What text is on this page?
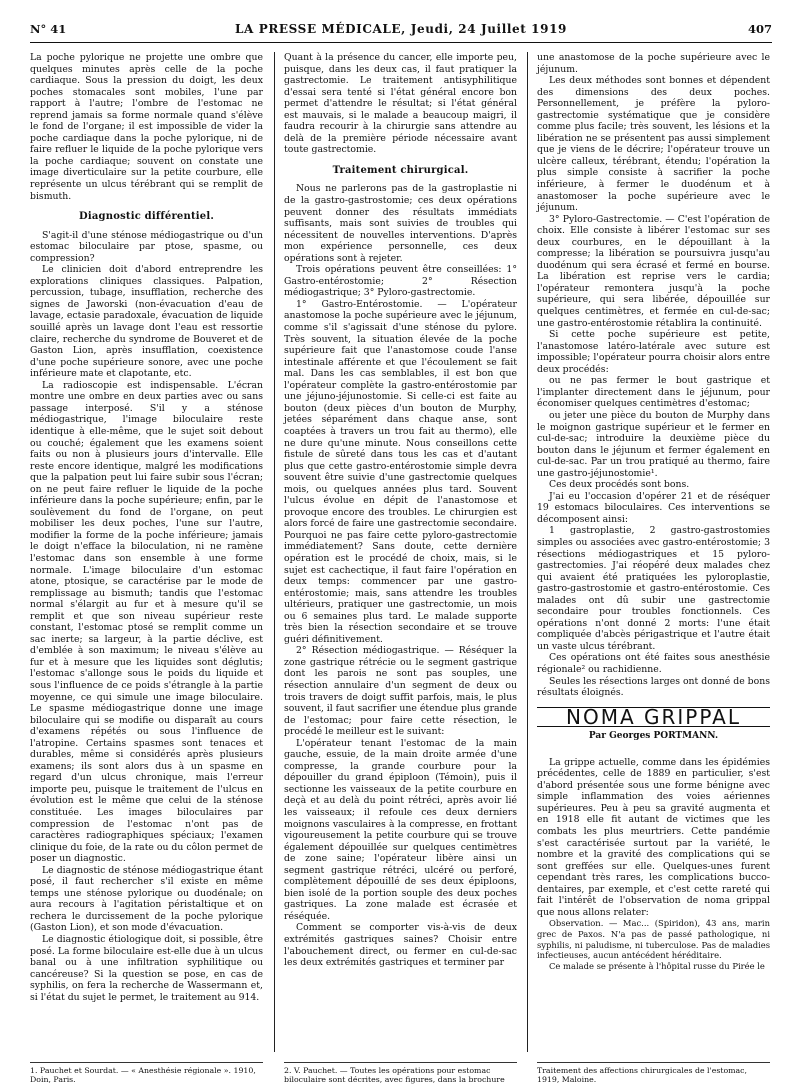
N° 41	LA PRESSE MÉDICALE, Jeudi, 24 Juillet 1919	407

La poche pylorique ne projette une ombre que quelques minutes après celle de la poche cardiaque. Sous la pression du doigt, les deux poches stomacales sont mobiles, l'une par rapport à l'autre; l'ombre de l'estomac ne reprend jamais sa forme normale quand s'élève le fond de l'organe; il est impossible de vider la poche cardiaque dans la poche pylorique, ni de faire refluer le liquide de la poche pylorique vers la poche cardiaque; souvent on constate une image diverticulaire sur la petite courbure, elle représente un ulcus térébrant qui se remplit de bismuth.

Diagnostic différentiel.

S'agit-il d'une sténose médiogastrique ou d'un estomac biloculaire par ptose, spasme, ou compression?

Le clinicien doit d'abord entreprendre les explorations cliniques classiques. Palpation, percussion, tubage, insufflation, recherche des signes de Jaworski (non-évacuation d'eau de lavage, ectasie paradoxale, évacuation de liquide souillé après un lavage dont l'eau est ressortie claire, recherche du syndrome de Bouveret et de Gaston Lion, après insufflation, coexistence d'une poche supérieure sonore, avec une poche inférieure mate et clapotante, etc.

La radioscopie est indispensable. L'écran montre une ombre en deux parties avec ou sans passage interposé. S'il y a sténose médiogastrique, l'image biloculaire reste identique à elle-même, que le sujet soit debout ou couché; également que les examens soient faits ou non à plusieurs jours d'intervalle. Elle reste encore identique, malgré les modifications que la palpation peut lui faire subir sous l'écran; on ne peut faire refluer le liquide de la poche inférieure dans la poche supérieure; enfin, par le soulèvement du fond de l'organe, on peut mobiliser les deux poches, l'une sur l'autre, modifier la forme de la poche inférieure; jamais le doigt n'efface la biloculation, ni ne ramène l'estomac dans son ensemble à une forme normale. L'image biloculaire d'un estomac atone, ptosique, se caractérise par le mode de remplissage au bismuth; tandis que l'estomac normal s'élargit au fur et à mesure qu'il se remplit et que son niveau supérieur reste constant, l'estomac ptosé se remplit comme un sac inerte; sa largeur, à la partie déclive, est d'emblée à son maximum; le niveau s'élève au fur et à mesure que les liquides sont déglutis; l'estomac s'allonge sous le poids du liquide et sous l'influence de ce poids s'étrangle à la partie moyenne, ce qui simule une image biloculaire. Le spasme médiogastrique donne une image biloculaire qui se modifie ou disparaît au cours d'examens répétés ou sous l'influence de l'atropine. Certains spasmes sont tenaces et durables, même si considérés après plusieurs examens; ils sont alors dus à un spasme en regard d'un ulcus chronique, mais l'erreur importe peu, puisque le traitement de l'ulcus en évolution est le même que celui de la sténose constituée. Les images biloculaires par compression de l'estomac n'ont pas de caractères radiographiques spéciaux; l'examen clinique du foie, de la rate ou du côlon permet de poser un diagnostic.

Le diagnostic de sténose médiogastrique étant posé, il faut rechercher s'il existe en même temps une sténose pylorique ou duodénale; on aura recours à l'agitation péristaltique et on rechera le durcissement de la poche pylorique (Gaston Lion), et son mode d'évacuation.

Le diagnostic étiologique doit, si possible, être posé. La forme biloculaire est-elle due à un ulcus banal ou à une infiltration syphilitique ou cancéreuse? Si la question se pose, en cas de syphilis, on fera la recherche de Wassermann et, si l'état du sujet le permet, le traitement au 914.

Quant à la présence du cancer, elle importe peu, puisque, dans les deux cas, il faut pratiquer la gastrectomie. Le traitement antisyphilitique d'essai sera tenté si l'état général encore bon permet d'attendre le résultat; si l'état général est mauvais, si le malade a beaucoup maigri, il faudra recourir à la chirurgie sans attendre au delà de la première période nécessaire avant toute gastrectomie.

Traitement chirurgical.

Nous ne parlerons pas de la gastroplastie ni de la gastro-gastrostomie; ces deux opérations peuvent donner des résultats immédiats suffisants, mais sont suivies de troubles qui nécessitent de nouvelles interventions. D'après mon expérience personnelle, ces deux opérations sont à rejeter.

Trois opérations peuvent être conseillées: 1° Gastro-entérostomie; 2° Résection médiogastrique; 3° Pyloro-gastrectomie.

1° Gastro-Entérostomie. — L'opérateur anastomose la poche supérieure avec le jéjunum, comme s'il s'agissait d'une sténose du pylore. Très souvent, la situation élevée de la poche supérieure fait que l'anastomose coude l'anse intestinale afférente et que l'écoulement se fait mal. Dans les cas semblables, il est bon que l'opérateur complète la gastro-entérostomie par une jéjuno-jéjunostomie. Si celle-ci est faite au bouton (deux pièces d'un bouton de Murphy, jetées séparément dans chaque anse, sont coaptées à travers un trou fait au thermo), elle ne dure qu'une minute. Nous conseillons cette fistule de sûreté dans tous les cas et d'autant plus que cette gastro-entérostomie simple devra souvent être suivie d'une gastrectomie quelques mois, ou quelques années plus tard. Souvent l'ulcus évolue en dépit de l'anastomose et provoque encore des troubles. Le chirurgien est alors forcé de faire une gastrectomie secondaire. Pourquoi ne pas faire cette pyloro-gastrectomie immédiatement? Sans doute, cette dernière opération est le procédé de choix, mais, si le sujet est cachectique, il faut faire l'opération en deux temps: commencer par une gastro-entérostomie; mais, sans attendre les troubles ultérieurs, pratiquer une gastrectomie, un mois ou 6 semaines plus tard. Le malade supporte très bien la résection secondaire et se trouve guéri définitivement.

2° Résection médiogastrique. — Réséquer la zone gastrique rétrécie ou le segment gastrique dont les parois ne sont pas souples, une résection annulaire d'un segment de deux ou trois travers de doigt suffit parfois, mais, le plus souvent, il faut sacrifier une étendue plus grande de l'estomac; pour faire cette résection, le procédé le meilleur est le suivant:

L'opérateur tenant l'estomac de la main gauche, essuie, de la main droite armée d'une compresse, la grande courbure pour la dépouiller du grand épiploon (Témoin), puis il sectionne les vaisseaux de la petite courbure en deçà et au delà du point rétréci, après avoir lié les vaisseaux; il refoule ces deux derniers moignons vasculaires à la compresse, en frottant vigoureusement la petite courbure qui se trouve également dépouillée sur quelques centimètres de zone saine; l'opérateur libère ainsi un segment gastrique rétréci, ulcéré ou perforé, complètement dépouillé de ses deux épiploons, bien isolé de la portion souple des deux poches gastriques. La zone malade est écrasée et réséquée.

Comment se comporter vis-à-vis de deux extrémités gastriques saines? Choisir entre l'abouchement direct, ou fermer en cul-de-sac les deux extrémités gastriques et terminer par

une anastomose de la poche supérieure avec le jéjunum.

Les deux méthodes sont bonnes et dépendent des dimensions des deux poches. Personnellement, je préfère la pyloro-gastrectomie systématique que je considère comme plus facile; très souvent, les lésions et la libération ne se présentent pas aussi simplement que je viens de le décrire; l'opérateur trouve un ulcère calleux, térébrant, étendu; l'opération la plus simple consiste à sacrifier la poche inférieure, à fermer le duodénum et à anastomoser la poche supérieure avec le jéjunum.

3° Pyloro-Gastrectomie. — C'est l'opération de choix. Elle consiste à libérer l'estomac sur ses deux courbures, en le dépouillant à la compresse; la libération se poursuivra jusqu'au duodénum qui sera écrasé et fermé en bourse. La libération est reprise vers le cardia; l'opérateur remontera jusqu'à la poche supérieure, qui sera libérée, dépouillée sur quelques centimètres, et fermée en cul-de-sac; une gastro-entérostomie rétablira la continuité.

Si cette poche supérieure est petite, l'anastomose latéro-latérale avec suture est impossible; l'opérateur pourra choisir alors entre deux procédés:

ou ne pas fermer le bout gastrique et l'implanter directement dans le jéjunum, pour économiser quelques centimètres d'estomac;

ou jeter une pièce du bouton de Murphy dans le moignon gastrique supérieur et le fermer en cul-de-sac; introduire la deuxième pièce du bouton dans le jéjunum et fermer également en cul-de-sac. Par un trou pratiqué au thermo, faire une gastro-jéjunostomie¹.

Ces deux procédés sont bons.

J'ai eu l'occasion d'opérer 21 et de réséquer 19 estomacs biloculaires. Ces interventions se décomposent ainsi:

1 gastroplastie, 2 gastro-gastrostomies simples ou associées avec gastro-entérostomie; 3 résections médiogastriques et 15 pyloro-gastrectomies. J'ai réopéré deux malades chez qui avaient été pratiquées les pyloroplastie, gastro-gastrostomie et gastro-entérostomie. Ces malades ont dû subir une gastrectomie secondaire pour troubles fonctionnels. Ces opérations n'ont donné 2 morts: l'une était compliquée d'abcès périgastrique et l'autre était un vaste ulcus térébrant.

Ces opérations ont été faites sous anesthésie régionale² ou rachidienne.

Seules les résections larges ont donné de bons résultats éloignés.

NOMA GRIPPAL
Par Georges PORTMANN.

La grippe actuelle, comme dans les épidémies précédentes, celle de 1889 en particulier, s'est d'abord présentée sous une forme bénigne avec simple inflammation des voies aériennes supérieures. Peu à peu sa gravité augmenta et en 1918 elle fit autant de victimes que les combats les plus meurtriers. Cette pandémie s'est caractérisée surtout par la variété, le nombre et la gravité des complications qui se sont greffées sur elle. Quelques-unes furent cependant très rares, les complications bucco-dentaires, par exemple, et c'est cette rareté qui fait l'intérêt de l'observation de noma grippal que nous allons relater:

Observation. — Mac... (Spiridon), 43 ans, marin grec de Paxos. N'a pas de passé pathologique, ni syphilis, ni paludisme, ni tuberculose. Pas de maladies infectieuses, aucun antécédent héréditaire.

Ce malade se présente à l'hôpital russe du Pirée le

1. Pauchet et Sourdat. — « Anesthésie régionale ». 1910, Doin, Paris.
2. V. Pauchet. — Toutes les opérations pour estomac biloculaire sont décrites, avec figures, dans la brochure
Traitement des affections chirurgicales de l'estomac, 1919, Maloine.
